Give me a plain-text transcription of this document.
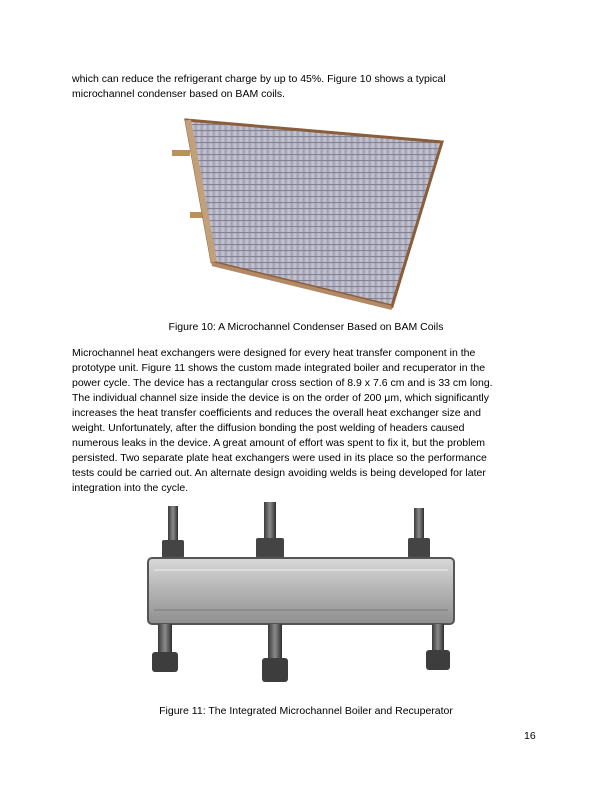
which can reduce the refrigerant charge by up to 45%. Figure 10 shows a typical
microchannel condenser based on BAM coils.

Figure 10: A Microchannel Condenser Based on BAM Coils

Microchannel heat exchangers were designed for every heat transfer component in the
prototype unit. Figure 11 shows the custom made integrated boiler and recuperator in the
power cycle. The device has a rectangular cross section of 8.9 x 7.6 cm and is 33 cm long.
The individual channel size inside the device is on the order of 200 μm, which significantly
increases the heat transfer coefficients and reduces the overall heat exchanger size and
weight. Unfortunately, after the diffusion bonding the post welding of headers caused
numerous leaks in the device. A great amount of effort was spent to fix it, but the problem
persisted. Two separate plate heat exchangers were used in its place so the performance
tests could be carried out. An alternate design avoiding welds is being developed for later
integration into the cycle.

Figure 11: The Integrated Microchannel Boiler and Recuperator

16
